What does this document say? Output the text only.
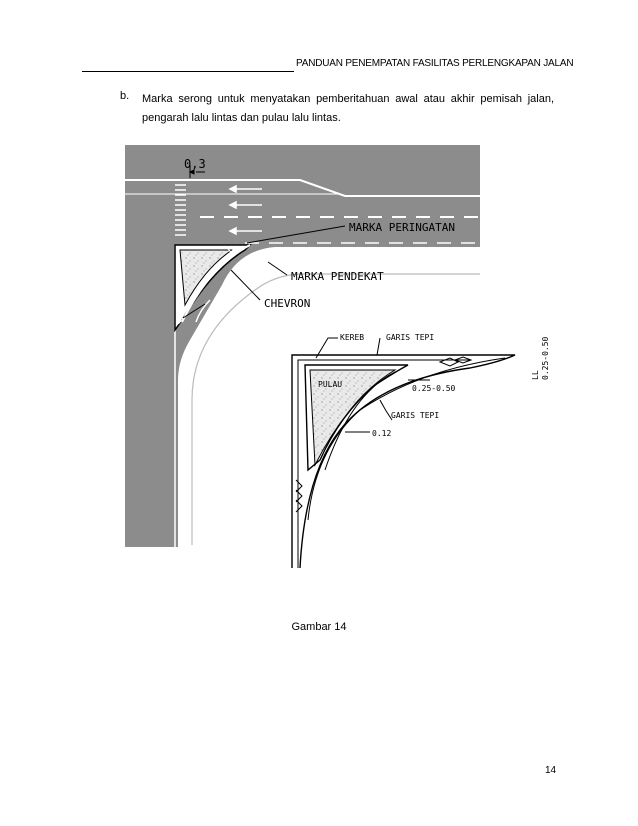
PANDUAN PENEMPATAN FASILITAS PERLENGKAPAN JALAN
b. Marka serong untuk menyatakan pemberitahuan awal atau akhir pemisah jalan, pengarah lalu lintas dan pulau lalu lintas.
0,3
MARKA PERINGATAN
MARKA PENDEKAT
CHEVRON
KEREB	GARIS TEPI
PULAU	0.25-0.50
GARIS TEPI
0.12
LL 0.25-0.50
Gambar 14
14
